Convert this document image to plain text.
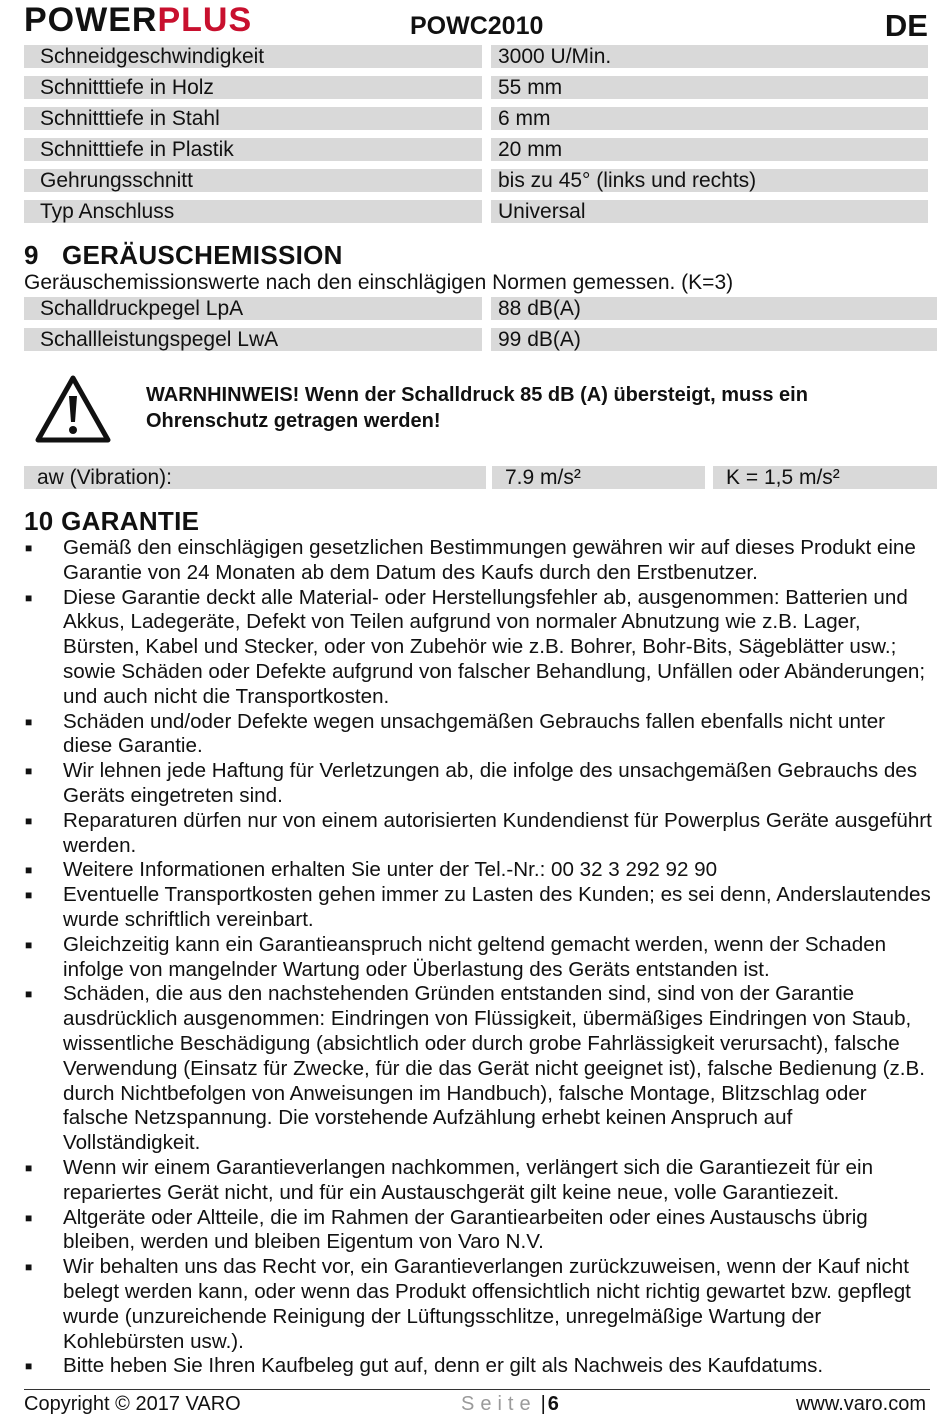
POWERPLUS	POWC2010	DE
Schneidgeschwindigkeit	3000 U/Min.
Schnitttiefe in Holz	55 mm
Schnitttiefe in Stahl	6 mm
Schnitttiefe in Plastik	20 mm
Gehrungsschnitt	bis zu 45° (links und rechts)
Typ Anschluss	Universal
9 GERÄUSCHEMISSION
Geräuschemissionswerte nach den einschlägigen Normen gemessen. (K=3)
Schalldruckpegel LpA	88 dB(A)
Schallleistungspegel LwA	99 dB(A)
WARNHINWEIS! Wenn der Schalldruck 85 dB (A) übersteigt, muss ein
Ohrenschutz getragen werden!
aw (Vibration):	7.9 m/s²	K = 1,5 m/s²
10 GARANTIE
■ Gemäß den einschlägigen gesetzlichen Bestimmungen gewähren wir auf dieses Produkt eine Garantie von 24 Monaten ab dem Datum des Kaufs durch den Erstbenutzer.
■ Diese Garantie deckt alle Material- oder Herstellungsfehler ab, ausgenommen: Batterien und Akkus, Ladegeräte, Defekt von Teilen aufgrund von normaler Abnutzung wie z.B. Lager, Bürsten, Kabel und Stecker, oder von Zubehör wie z.B. Bohrer, Bohr-Bits, Sägeblätter usw.; sowie Schäden oder Defekte aufgrund von falscher Behandlung, Unfällen oder Abänderungen; und auch nicht die Transportkosten.
■ Schäden und/oder Defekte wegen unsachgemäßen Gebrauchs fallen ebenfalls nicht unter diese Garantie.
■ Wir lehnen jede Haftung für Verletzungen ab, die infolge des unsachgemäßen Gebrauchs des Geräts eingetreten sind.
■ Reparaturen dürfen nur von einem autorisierten Kundendienst für Powerplus Geräte ausgeführt werden.
■ Weitere Informationen erhalten Sie unter der Tel.-Nr.: 00 32 3 292 92 90
■ Eventuelle Transportkosten gehen immer zu Lasten des Kunden; es sei denn, Anderslautendes wurde schriftlich vereinbart.
■ Gleichzeitig kann ein Garantieanspruch nicht geltend gemacht werden, wenn der Schaden infolge von mangelnder Wartung oder Überlastung des Geräts entstanden ist.
■ Schäden, die aus den nachstehenden Gründen entstanden sind, sind von der Garantie ausdrücklich ausgenommen: Eindringen von Flüssigkeit, übermäßiges Eindringen von Staub, wissentliche Beschädigung (absichtlich oder durch grobe Fahrlässigkeit verursacht), falsche Verwendung (Einsatz für Zwecke, für die das Gerät nicht geeignet ist), falsche Bedienung (z.B. durch Nichtbefolgen von Anweisungen im Handbuch), falsche Montage, Blitzschlag oder falsche Netzspannung. Die vorstehende Aufzählung erhebt keinen Anspruch auf Vollständigkeit.
■ Wenn wir einem Garantieverlangen nachkommen, verlängert sich die Garantiezeit für ein repariertes Gerät nicht, und für ein Austauschgerät gilt keine neue, volle Garantiezeit.
■ Altgeräte oder Altteile, die im Rahmen der Garantiearbeiten oder eines Austauschs übrig bleiben, werden und bleiben Eigentum von Varo N.V.
■ Wir behalten uns das Recht vor, ein Garantieverlangen zurückzuweisen, wenn der Kauf nicht belegt werden kann, oder wenn das Produkt offensichtlich nicht richtig gewartet bzw. gepflegt wurde (unzureichende Reinigung der Lüftungsschlitze, unregelmäßige Wartung der Kohlebürsten usw.).
■ Bitte heben Sie Ihren Kaufbeleg gut auf, denn er gilt als Nachweis des Kaufdatums.
Copyright © 2017 VARO	Seite | 6	www.varo.com
